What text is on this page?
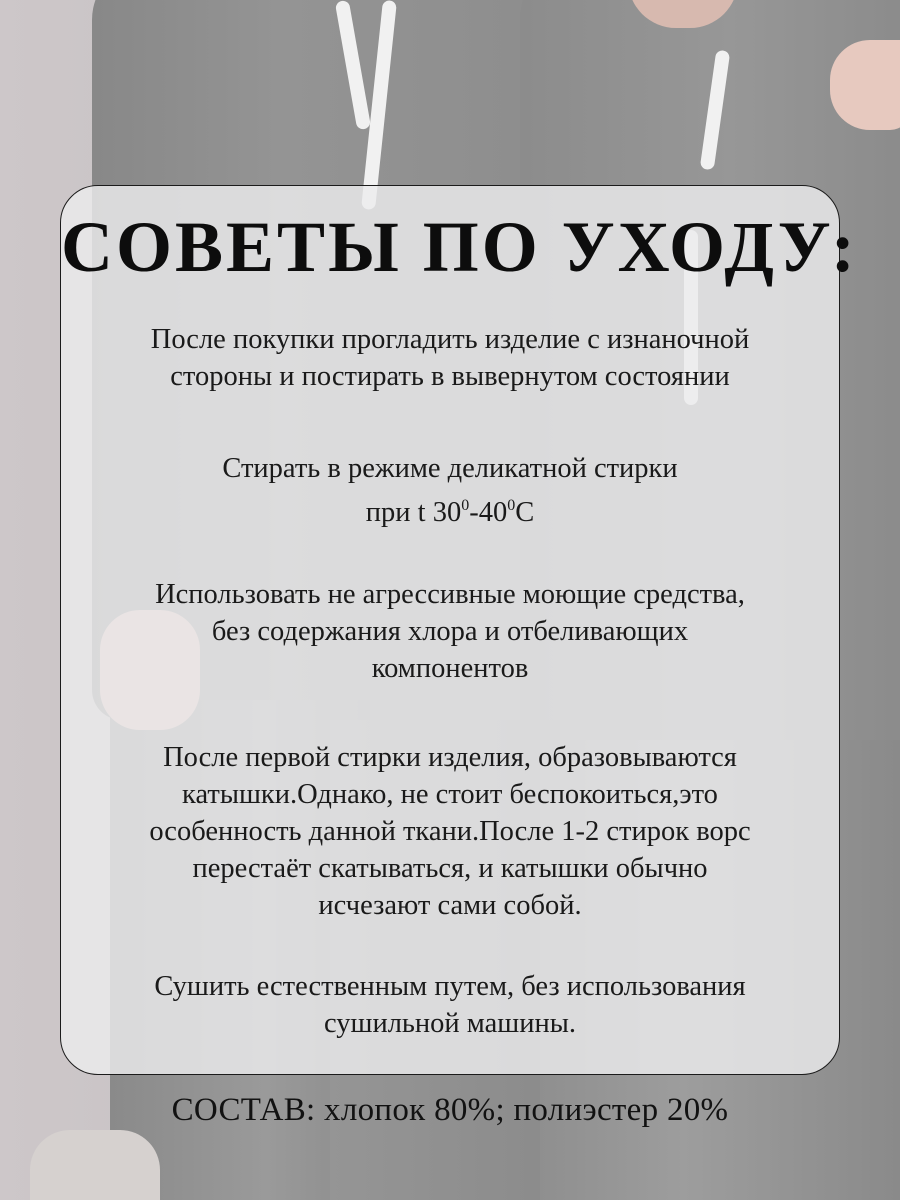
СОВЕТЫ ПО УХОДУ:

После покупки прогладить изделие с изнаночной
стороны и постирать в вывернутом состоянии

Стирать в режиме деликатной стирки
при t $30^0-40^0C$

Использовать не агрессивные моющие средства,
без содержания хлора и отбеливающих
компонентов

После первой стирки изделия, образовываются
катышки.Однако, не стоит беспокоиться,это
особенность данной ткани.После 1-2 стирок ворс
перестаёт скатываться, и катышки обычно
исчезают сами собой.

Сушить естественным путем, без использования
сушильной машины.

СОСТАВ: хлопок 80%; полиэстер 20%
